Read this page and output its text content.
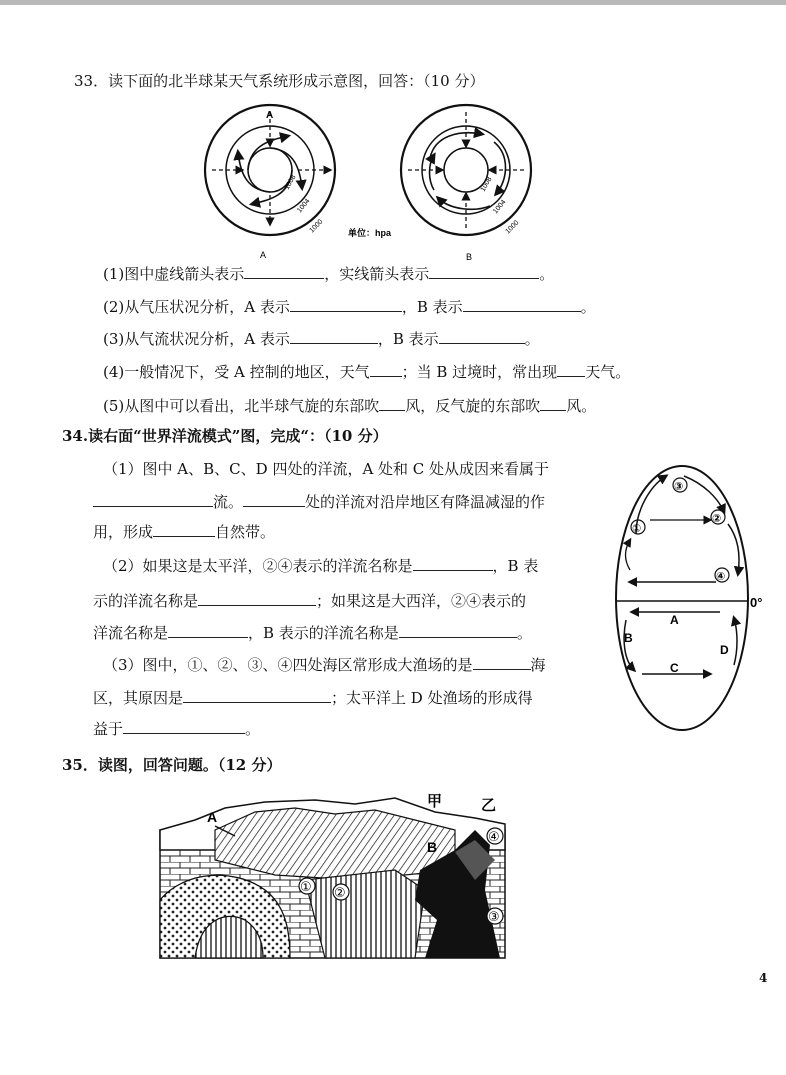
33．读下面的北半球某天气系统形成示意图，回答：（10 分）
A
1008
1004
1000
A
1008
1004
1000
B
单位：hpa
(1)图中虚线箭头表示	，实线箭头表示	。
(2)从气压状况分析，A 表示	，B 表示	。
(3)从气流状况分析，A 表示	，B 表示	。
(4)一般情况下，受 A 控制的地区，天气 ；当 B 过境时，常出现 天气。
(5)从图中可以看出，北半球气旋的东部吹 风，反气旋的东部吹 风。
34.读右面“世界洋流模式”图，完成“：（10 分）
（1）图中 A、B、C、D 四处的洋流，A 处和 C 处从成因来看属于
流。	处的洋流对沿岸地区有降温减湿的作
用，形成	自然带。
（2）如果这是太平洋，②④表示的洋流名称是	，B 表
示的洋流名称是	；如果这是大西洋，②④表示的
洋流名称是	，B 表示的洋流名称是	。
（3）图中，①、②、③、④四处海区常形成大渔场的是	海
区，其原因是	；太平洋上 D 处渔场的形成得
益于	。
0°
③
①
②
④
A
B
C
D
35．读图，回答问题。（12 分）
A
B
甲	乙
① ②
③
④
4
